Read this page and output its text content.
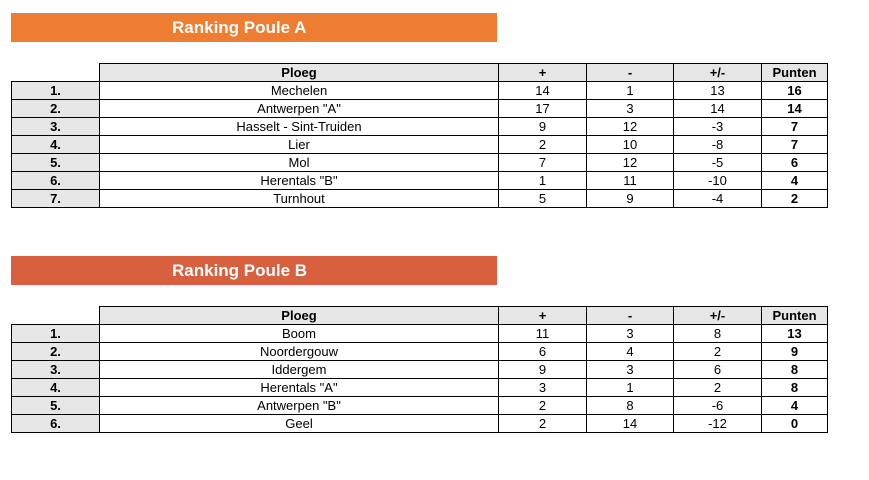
Ranking Poule A
	Ploeg	+	-	+/-	Punten
1.	Mechelen	14	1	13	16
2.	Antwerpen "A"	17	3	14	14
3.	Hasselt - Sint-Truiden	9	12	-3	7
4.	Lier	2	10	-8	7
5.	Mol	7	12	-5	6
6.	Herentals "B"	1	11	-10	4
7.	Turnhout	5	9	-4	2
Ranking Poule B
	Ploeg	+	-	+/-	Punten
1.	Boom	11	3	8	13
2.	Noordergouw	6	4	2	9
3.	Iddergem	9	3	6	8
4.	Herentals "A"	3	1	2	8
5.	Antwerpen "B"	2	8	-6	4
6.	Geel	2	14	-12	0
